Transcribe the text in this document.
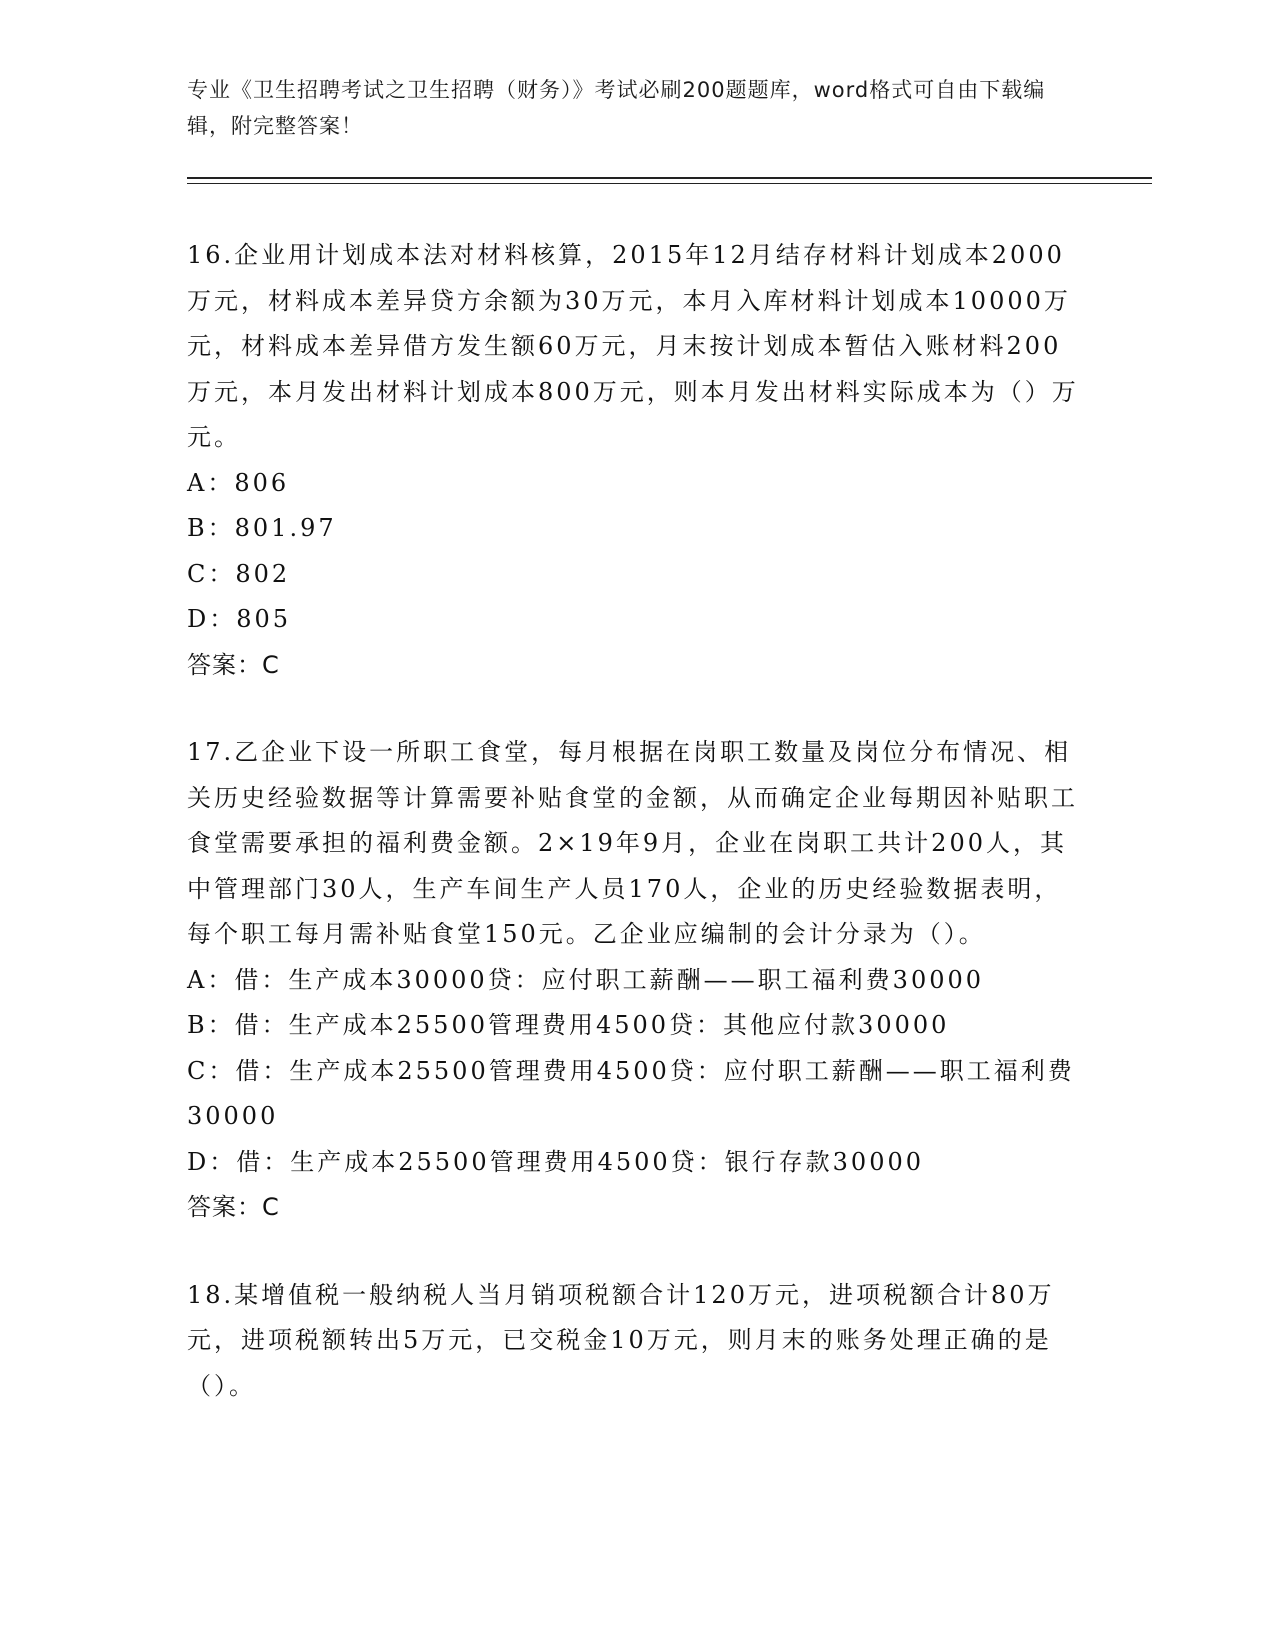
专业《卫生招聘考试之卫生招聘（财务）》考试必刷200题题库，word格式可自由下载编辑，附完整答案！

16.企业用计划成本法对材料核算，2015年12月结存材料计划成本2000万元，材料成本差异贷方余额为30万元，本月入库材料计划成本10000万元，材料成本差异借方发生额60万元，月末按计划成本暂估入账材料200万元，本月发出材料计划成本800万元，则本月发出材料实际成本为（）万元。

A：806

B：801.97

C：802

D：805

答案：C

17.乙企业下设一所职工食堂，每月根据在岗职工数量及岗位分布情况、相关历史经验数据等计算需要补贴食堂的金额，从而确定企业每期因补贴职工食堂需要承担的福利费金额。2×19年9月，企业在岗职工共计200人，其中管理部门30人，生产车间生产人员170人，企业的历史经验数据表明，每个职工每月需补贴食堂150元。乙企业应编制的会计分录为（）。

A：借：生产成本30000贷：应付职工薪酬——职工福利费30000

B：借：生产成本25500管理费用4500贷：其他应付款30000

C：借：生产成本25500管理费用4500贷：应付职工薪酬——职工福利费30000

D：借：生产成本25500管理费用4500贷：银行存款30000

答案：C

18.某增值税一般纳税人当月销项税额合计120万元，进项税额合计80万元，进项税额转出5万元，已交税金10万元，则月末的账务处理正确的是（）。
